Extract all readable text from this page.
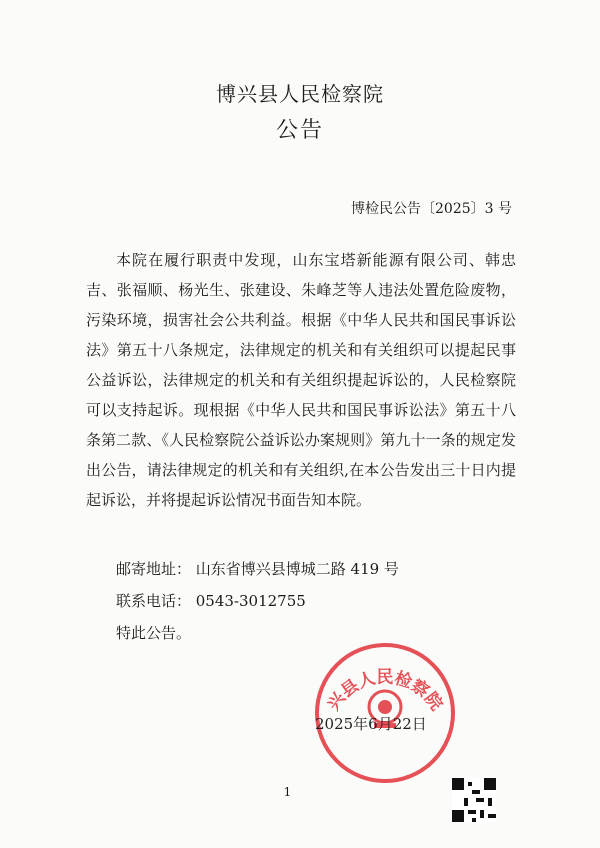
博兴县人民检察院
公告
博检民公告〔2025〕3 号
本院在履行职责中发现，山东宝塔新能源有限公司、韩忠吉、张福顺、杨光生、张建设、朱峰芝等人违法处置危险废物，污染环境，损害社会公共利益。根据《中华人民共和国民事诉讼法》第五十八条规定，法律规定的机关和有关组织可以提起民事公益诉讼，法律规定的机关和有关组织提起诉讼的，人民检察院可以支持起诉。现根据《中华人民共和国民事诉讼法》第五十八条第二款、《人民检察院公益诉讼办案规则》第九十一条的规定发出公告，请法律规定的机关和有关组织,在本公告发出三十日内提起诉讼，并将提起诉讼情况书面告知本院。
邮寄地址： 山东省博兴县博城二路 419 号
联系电话： 0543-3012755
特此公告。
兴县人民检察院
2025年6月22日
1
